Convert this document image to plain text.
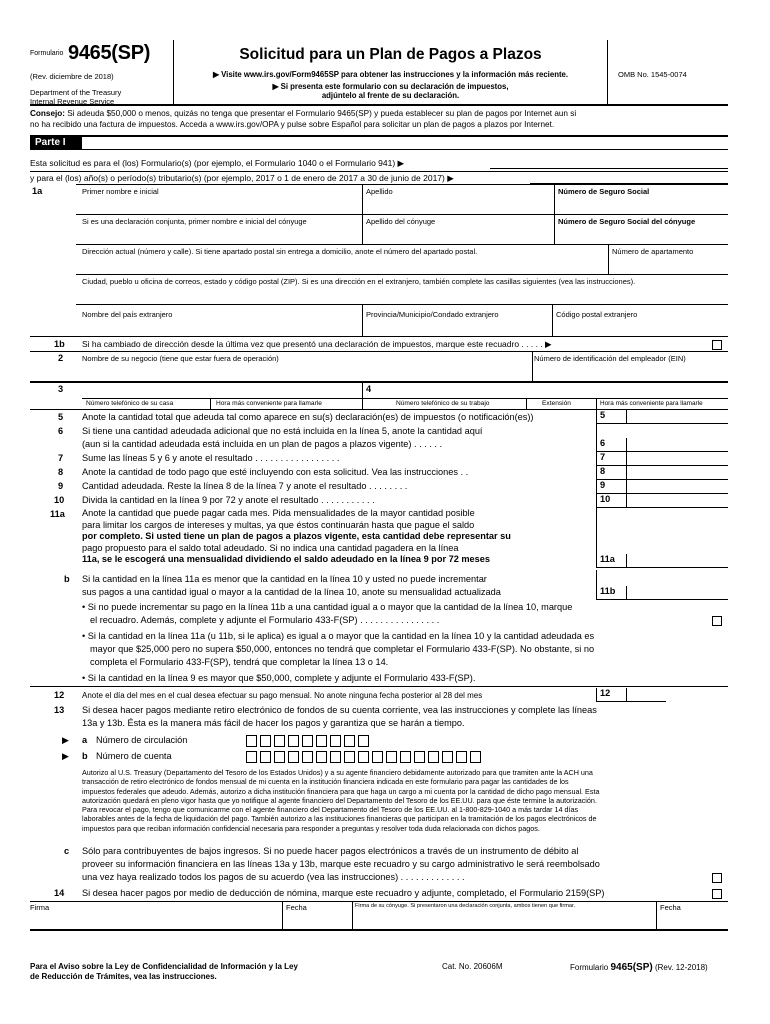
Formulario 9465(SP)
(Rev. diciembre de 2018)
Department of the Treasury
Internal Revenue Service
Solicitud para un Plan de Pagos a Plazos
▶ Visite www.irs.gov/Form9465SP para obtener las instrucciones y la información más reciente.
▶ Si presenta este formulario con su declaración de impuestos,
adjúntelo al frente de su declaración.
OMB No. 1545-0074
Consejo: Si adeuda $50,000 o menos, quizás no tenga que presentar el Formulario 9465(SP) y pueda establecer su plan de pagos por Internet aun si
no ha recibido una factura de impuestos. Acceda a www.irs.gov/OPA y pulse sobre Español para solicitar un plan de pagos a plazos por Internet.
Parte I
Esta solicitud es para el (los) Formulario(s) (por ejemplo, el Formulario 1040 o el Formulario 941) ▶
y para el (los) año(s) o período(s) tributario(s) (por ejemplo, 2017 o 1 de enero de 2017 a 30 de junio de 2017) ▶
1a	Primer nombre e inicial	Apellido	Número de Seguro Social
Si es una declaración conjunta, primer nombre e inicial del cónyuge	Apellido del cónyuge	Número de Seguro Social del cónyuge
Dirección actual (número y calle). Si tiene apartado postal sin entrega a domicilio, anote el número del apartado postal.	Número de apartamento
Ciudad, pueblo u oficina de correos, estado y código postal (ZIP). Si es una dirección en el extranjero, también complete las casillas siguientes (vea las instrucciones).
Nombre del país extranjero	Provincia/Municipio/Condado extranjero	Código postal extranjero
1b Si ha cambiado de dirección desde la última vez que presentó una declaración de impuestos, marque este recuadro . . . . . ▶
2	Nombre de su negocio (tiene que estar fuera de operación)	Número de identificación del empleador (EIN)
3	4
Número telefónico de su casa	Hora más conveniente para llamarle	Número telefónico de su trabajo	Extensión	Hora más conveniente para llamarle
5 Anote la cantidad total que adeuda tal como aparece en su(s) declaración(es) de impuestos (o notificación(es))	5
6 Si tiene una cantidad adeudada adicional que no está incluida en la línea 5, anote la cantidad aquí
(aun si la cantidad adeudada está incluida en un plan de pagos a plazos vigente) . . . . . .	6
7 Sume las líneas 5 y 6 y anote el resultado . . . . . . . . . . . . . . . . .	7
8 Anote la cantidad de todo pago que esté incluyendo con esta solicitud. Vea las instrucciones . .	8
9 Cantidad adeudada. Reste la línea 8 de la línea 7 y anote el resultado . . . . . . . .	9
10 Divida la cantidad en la línea 9 por 72 y anote el resultado . . . . . . . . . . .	10
11a Anote la cantidad que puede pagar cada mes. Pida mensualidades de la mayor cantidad posible
para limitar los cargos de intereses y multas, ya que éstos continuarán hasta que pague el saldo
por completo. Si usted tiene un plan de pagos a plazos vigente, esta cantidad debe representar su
pago propuesto para el saldo total adeudado. Si no indica una cantidad pagadera en la línea
11a, se le escogerá una mensualidad dividiendo el saldo adeudado en la línea 9 por 72 meses	11a
b Si la cantidad en la línea 11a es menor que la cantidad en la línea 10 y usted no puede incrementar
sus pagos a una cantidad igual o mayor a la cantidad de la línea 10, anote su mensualidad actualizada	11b
• Si no puede incrementar su pago en la línea 11b a una cantidad igual a o mayor que la cantidad de la línea 10, marque
el recuadro. Además, complete y adjunte el Formulario 433-F(SP) . . . . . . . . . . . . . . . .
• Si la cantidad en la línea 11a (u 11b, si le aplica) es igual a o mayor que la cantidad en la línea 10 y la cantidad adeudada es
mayor que $25,000 pero no supera $50,000, entonces no tendrá que completar el Formulario 433-F(SP). No obstante, si no
completa el Formulario 433-F(SP), tendrá que completar la línea 13 o 14.
• Si la cantidad en la línea 9 es mayor que $50,000, complete y adjunte el Formulario 433-F(SP).
12 Anote el día del mes en el cual desea efectuar su pago mensual. No anote ninguna fecha posterior al 28 del mes	12
13 Si desea hacer pagos mediante retiro electrónico de fondos de su cuenta corriente, vea las instrucciones y complete las líneas
13a y 13b. Ésta es la manera más fácil de hacer los pagos y garantiza que se harán a tiempo.
▶ a Número de circulación
▶ b Número de cuenta
Autorizo al U.S. Treasury (Departamento del Tesoro de los Estados Unidos) y a su agente financiero debidamente autorizado para que tramiten ante la ACH una
transacción de retiro electrónico de fondos mensual de mi cuenta en la institución financiera indicada en este formulario para pagar las cantidades de los
impuestos federales que adeudo. Además, autorizo a dicha institución financiera para que haga un cargo a mi cuenta por la cantidad de dicho pago mensual. Esta
autorización quedará en pleno vigor hasta que yo notifique al agente financiero del Departamento del Tesoro de los EE.UU. para que éste termine la autorización.
Para revocar el pago, tengo que comunicarme con el agente financiero del Departamento del Tesoro de los EE.UU. al 1-800-829-1040 a más tardar 14 días
laborables antes de la fecha de liquidación del pago. También autorizo a las instituciones financieras que participan en la tramitación de los pagos electrónicos de
impuestos para que reciban información confidencial necesaria para responder a preguntas y resolver toda duda relacionada con dichos pagos.
c Sólo para contribuyentes de bajos ingresos. Si no puede hacer pagos electrónicos a través de un instrumento de débito al
proveer su información financiera en las líneas 13a y 13b, marque este recuadro y su cargo administrativo le será reembolsado
una vez haya realizado todos los pagos de su acuerdo (vea las instrucciones) . . . . . . . . . . . . .
14 Si desea hacer pagos por medio de deducción de nómina, marque este recuadro y adjunte, completado, el Formulario 2159(SP)
Firma	Fecha	Firma de su cónyuge. Si presentaron una declaración conjunta, ambos tienen que firmar.	Fecha
Para el Aviso sobre la Ley de Confidencialidad de Información y la Ley
de Reducción de Trámites, vea las instrucciones.
Cat. No. 20606M	Formulario 9465(SP) (Rev. 12-2018)
